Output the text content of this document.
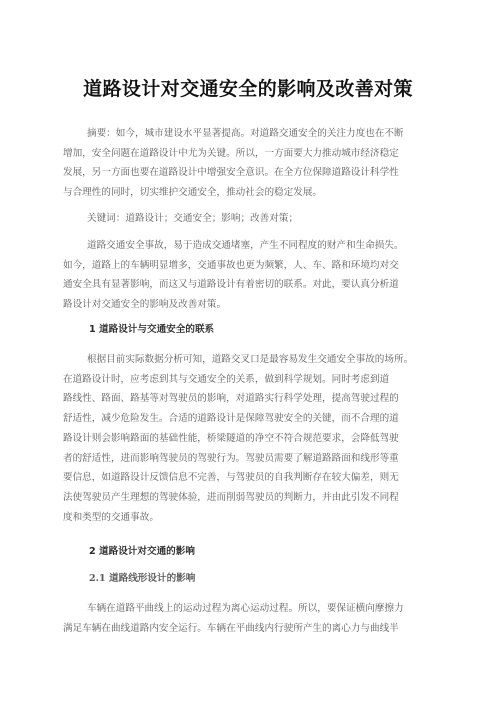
道路设计对交通安全的影响及改善对策

摘要：如今，城市建设水平显著提高。对道路交通安全的关注力度也在不断
增加，安全问题在道路设计中尤为关键。所以，一方面要大力推动城市经济稳定
发展，另一方面也要在道路设计中增强安全意识。在全方位保障道路设计科学性
与合理性的同时，切实维护交通安全，推动社会的稳定发展。

关键词：道路设计；交通安全；影响；改善对策；

道路交通安全事故，易于造成交通堵塞，产生不同程度的财产和生命损失。
如今，道路上的车辆明显增多，交通事故也更为频繁，人、车、路和环境均对交
通安全具有显著影响，而这又与道路设计有着密切的联系。对此，要认真分析道
路设计对交通安全的影响及改善对策。

1 道路设计与交通安全的联系

根据目前实际数据分析可知，道路交叉口是最容易发生交通安全事故的场所。
在道路设计时，应考虑到其与交通安全的关系，做到科学规划。同时考虑到道
路线性、路面、路基等对驾驶员的影响，对道路实行科学处理，提高驾驶过程的
舒适性，减少危险发生。合适的道路设计是保障驾驶安全的关键，而不合理的道
路设计则会影响路面的基础性能，桥梁隧道的净空不符合规范要求，会降低驾驶
者的舒适性，进而影响驾驶员的驾驶行为。驾驶员需要了解道路路面和线形等重
要信息，如道路设计反馈信息不完善，与驾驶员的自我判断存在较大偏差，则无
法使驾驶员产生理想的驾驶体验，进而削弱驾驶员的判断力，并由此引发不同程
度和类型的交通事故。

2 道路设计对交通的影响
2.1 道路线形设计的影响

车辆在道路平曲线上的运动过程为离心运动过程。所以，要保证横向摩擦力
满足车辆在曲线道路内安全运行。车辆在平曲线内行驶所产生的离心力与曲线半
